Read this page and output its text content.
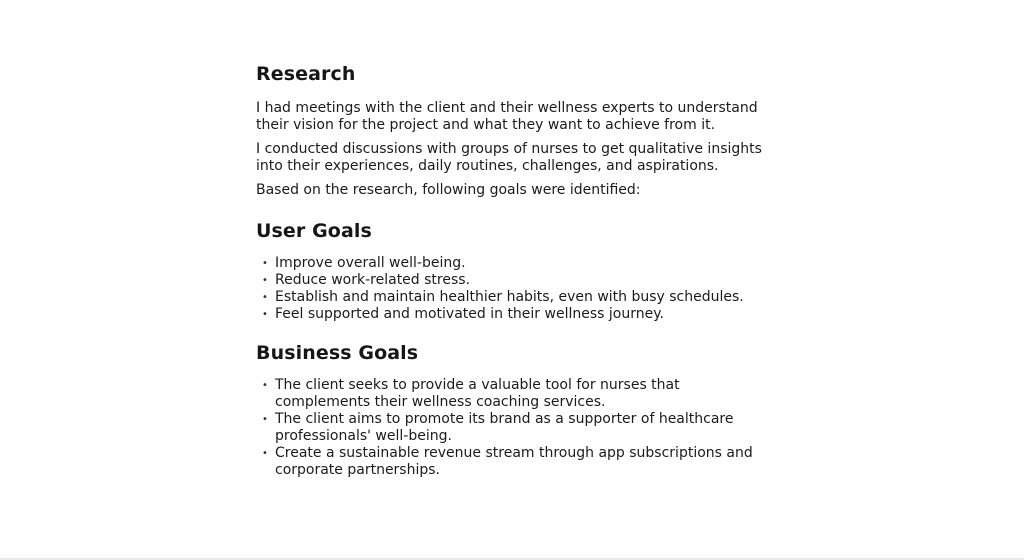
Research

I had meetings with the client and their wellness experts to understand their vision for the project and what they want to achieve from it.

I conducted discussions with groups of nurses to get qualitative insights into their experiences, daily routines, challenges, and aspirations.

Based on the research, following goals were identified:

User Goals
• Improve overall well-being.
• Reduce work-related stress.
• Establish and maintain healthier habits, even with busy schedules.
• Feel supported and motivated in their wellness journey.
Business Goals
• The client seeks to provide a valuable tool for nurses that complements their wellness coaching services.
• The client aims to promote its brand as a supporter of healthcare professionals' well-being.
• Create a sustainable revenue stream through app subscriptions and corporate partnerships.
